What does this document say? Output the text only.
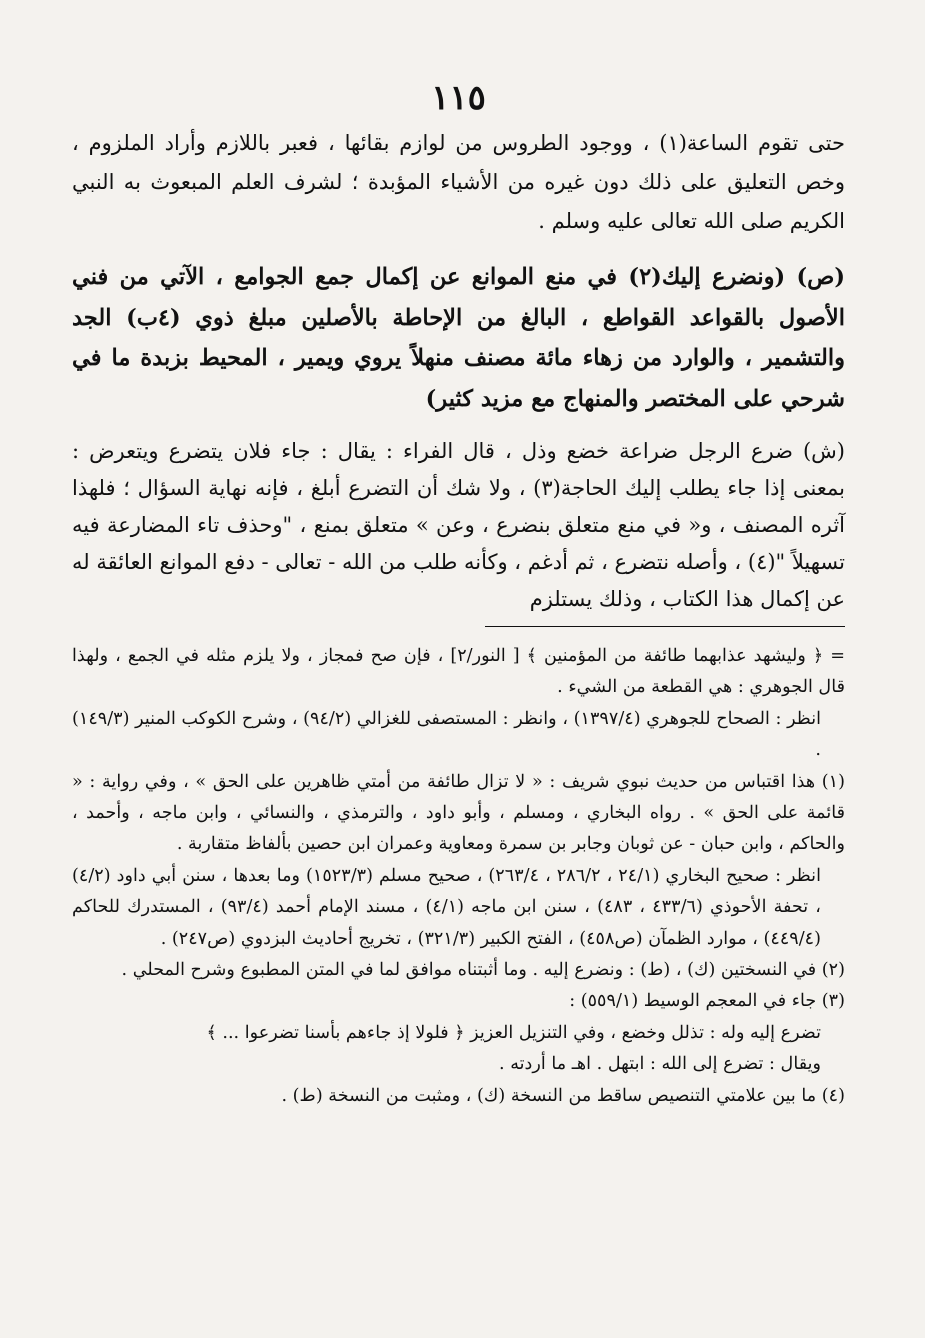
١١٥

حتى تقوم الساعة(١) ، ووجود الطروس من لوازم بقائها ، فعبر باللازم وأراد الملزوم ، وخص التعليق على ذلك دون غيره من الأشياء المؤبدة ؛ لشرف العلم المبعوث به النبي الكريم صلى الله تعالى عليه وسلم .

(ص) (ونضرع إليك(٢) في منع الموانع عن إكمال جمع الجوامع ، الآتي من فني الأصول بالقواعد القواطع ، البالغ من الإحاطة بالأصلين مبلغ ذوي (٤ب) الجد والتشمير ، والوارد من زهاء مائة مصنف منهلاً يروي ويمير ، المحيط بزبدة ما في شرحي على المختصر والمنهاج مع مزيد كثير)

(ش) ضرع الرجل ضراعة خضع وذل ، قال الفراء : يقال : جاء فلان يتضرع ويتعرض : بمعنى إذا جاء يطلب إليك الحاجة(٣) ، ولا شك أن التضرع أبلغ ، فإنه نهاية السؤال ؛ فلهذا آثره المصنف ، و« في منع متعلق بنضرع ، وعن » متعلق بمنع ، "وحذف تاء المضارعة فيه تسهيلاً "(٤) ، وأصله نتضرع ، ثم أدغم ، وكأنه طلب من الله - تعالى - دفع الموانع العائقة له عن إكمال هذا الكتاب ، وذلك يستلزم

= ﴿ وليشهد عذابهما طائفة من المؤمنين ﴾ [ النور/٢] ، فإن صح فمجاز ، ولا يلزم مثله في الجمع ، ولهذا قال الجوهري : هي القطعة من الشيء .

انظر : الصحاح للجوهري (١٣٩٧/٤) ، وانظر : المستصفى للغزالي (٩٤/٢) ، وشرح الكوكب المنير (١٤٩/٣) .

(١) هذا اقتباس من حديث نبوي شريف : « لا تزال طائفة من أمتي ظاهرين على الحق » ، وفي رواية : « قائمة على الحق » . رواه البخاري ، ومسلم ، وأبو داود ، والترمذي ، والنسائي ، وابن ماجه ، وأحمد ، والحاكم ، وابن حبان - عن ثوبان وجابر بن سمرة ومعاوية وعمران ابن حصين بألفاظ متقاربة .

انظر : صحيح البخاري (٢٤/١ ، ٢٨٦/٢ ، ٢٦٣/٤) ، صحيح مسلم (١٥٢٣/٣) وما بعدها ، سنن أبي داود (٤/٢) ، تحفة الأحوذي (٤٣٣/٦ ، ٤٨٣) ، سنن ابن ماجه (٤/١) ، مسند الإمام أحمد (٩٣/٤) ، المستدرك للحاكم (٤٤٩/٤) ، موارد الظمآن (ص٤٥٨) ، الفتح الكبير (٣٢١/٣) ، تخريج أحاديث البزدوي (ص٢٤٧) .

(٢) في النسختين (ك) ، (ط) : ونضرع إليه . وما أثبتناه موافق لما في المتن المطبوع وشرح المحلي .

(٣) جاء في المعجم الوسيط (٥٥٩/١) :

تضرع إليه وله : تذلل وخضع ، وفي التنزيل العزيز ﴿ فلولا إذ جاءهم بأسنا تضرعوا ... ﴾

ويقال : تضرع إلى الله : ابتهل . اهـ ما أردته .

(٤) ما بين علامتي التنصيص ساقط من النسخة (ك) ، ومثبت من النسخة (ط) .
